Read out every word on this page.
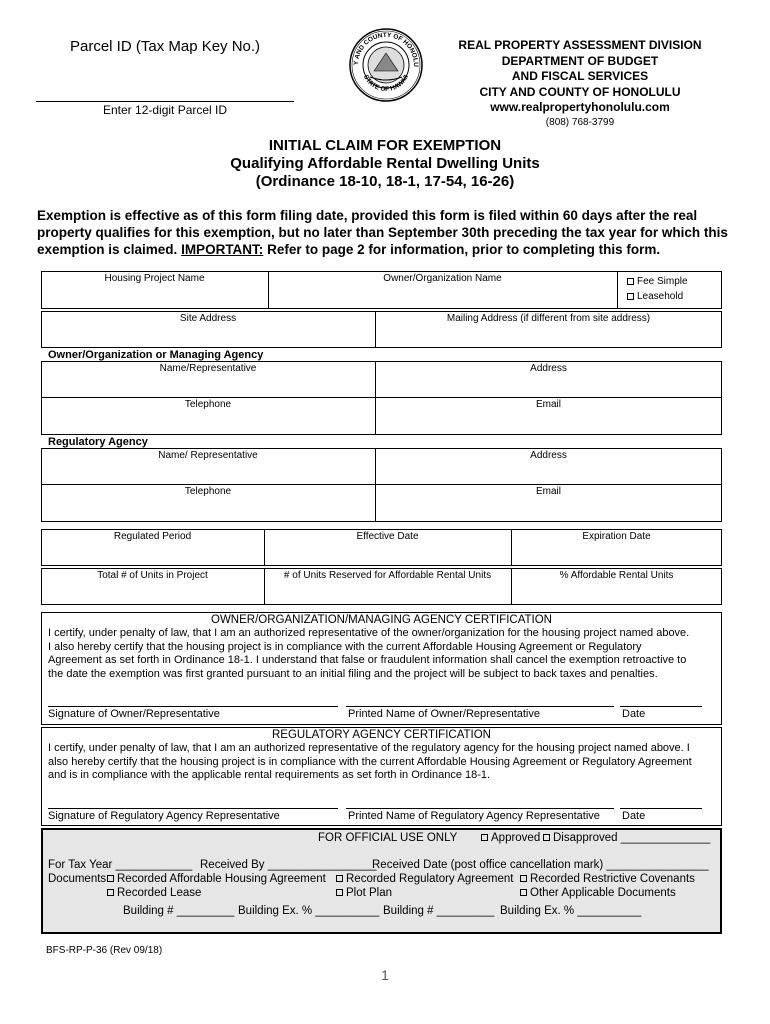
Parcel ID (Tax Map Key No.)
Enter 12-digit Parcel ID
Y AND COUNTY OF HONOLU
STATE OF HAWAII
REAL PROPERTY ASSESSMENT DIVISION
DEPARTMENT OF BUDGET
AND FISCAL SERVICES
CITY AND COUNTY OF HONOLULU
www.realpropertyhonolulu.com
(808) 768-3799
INITIAL CLAIM FOR EXEMPTION
Qualifying Affordable Rental Dwelling Units
(Ordinance 18-10, 18-1, 17-54, 16-26)
Exemption is effective as of this form filing date, provided this form is filed within 60 days after the real property qualifies for this exemption, but no later than September 30th preceding the tax year for which this exemption is claimed. IMPORTANT: Refer to page 2 for information, prior to completing this form.
Housing Project Name	Owner/Organization Name	Fee Simple
Leasehold
Site Address	Mailing Address (if different from site address)
Owner/Organization or Managing Agency
Name/Representative	Address
Telephone	Email
Regulatory Agency
Name/ Representative	Address
Telephone	Email
Regulated Period	Effective Date	Expiration Date
Total # of Units in Project	# of Units Reserved for Affordable Rental Units	% Affordable Rental Units
OWNER/ORGANIZATION/MANAGING AGENCY CERTIFICATION
I certify, under penalty of law, that I am an authorized representative of the owner/organization for the housing project named above.
I also hereby certify that the housing project is in compliance with the current Affordable Housing Agreement or Regulatory
Agreement as set forth in Ordinance 18-1. I understand that false or fraudulent information shall cancel the exemption retroactive to
the date the exemption was first granted pursuant to an initial filing and the project will be subject to back taxes and penalties.
Signature of Owner/Representative	Printed Name of Owner/Representative	Date
REGULATORY AGENCY CERTIFICATION
I certify, under penalty of law, that I am an authorized representative of the regulatory agency for the housing project named above. I
also hereby certify that the housing project is in compliance with the current Affordable Housing Agreement or Regulatory Agreement
and is in compliance with the applicable rental requirements as set forth in Ordinance 18-1.
Signature of Regulatory Agency Representative	Printed Name of Regulatory Agency Representative Date
FOR OFFICIAL USE ONLY	Approved	Disapproved ______________
For Tax Year ____________ Received By _________________
Received Date (post office cancellation mark) ________________
Documents Recorded Affordable Housing Agreement	Recorded Regulatory Agreement	Recorded Restrictive Covenants
Recorded Lease	Plot Plan	Other Applicable Documents
Building # _________ Building Ex. % __________ Building # _________ Building Ex. % __________
BFS-RP-P-36 (Rev 09/18)
1
